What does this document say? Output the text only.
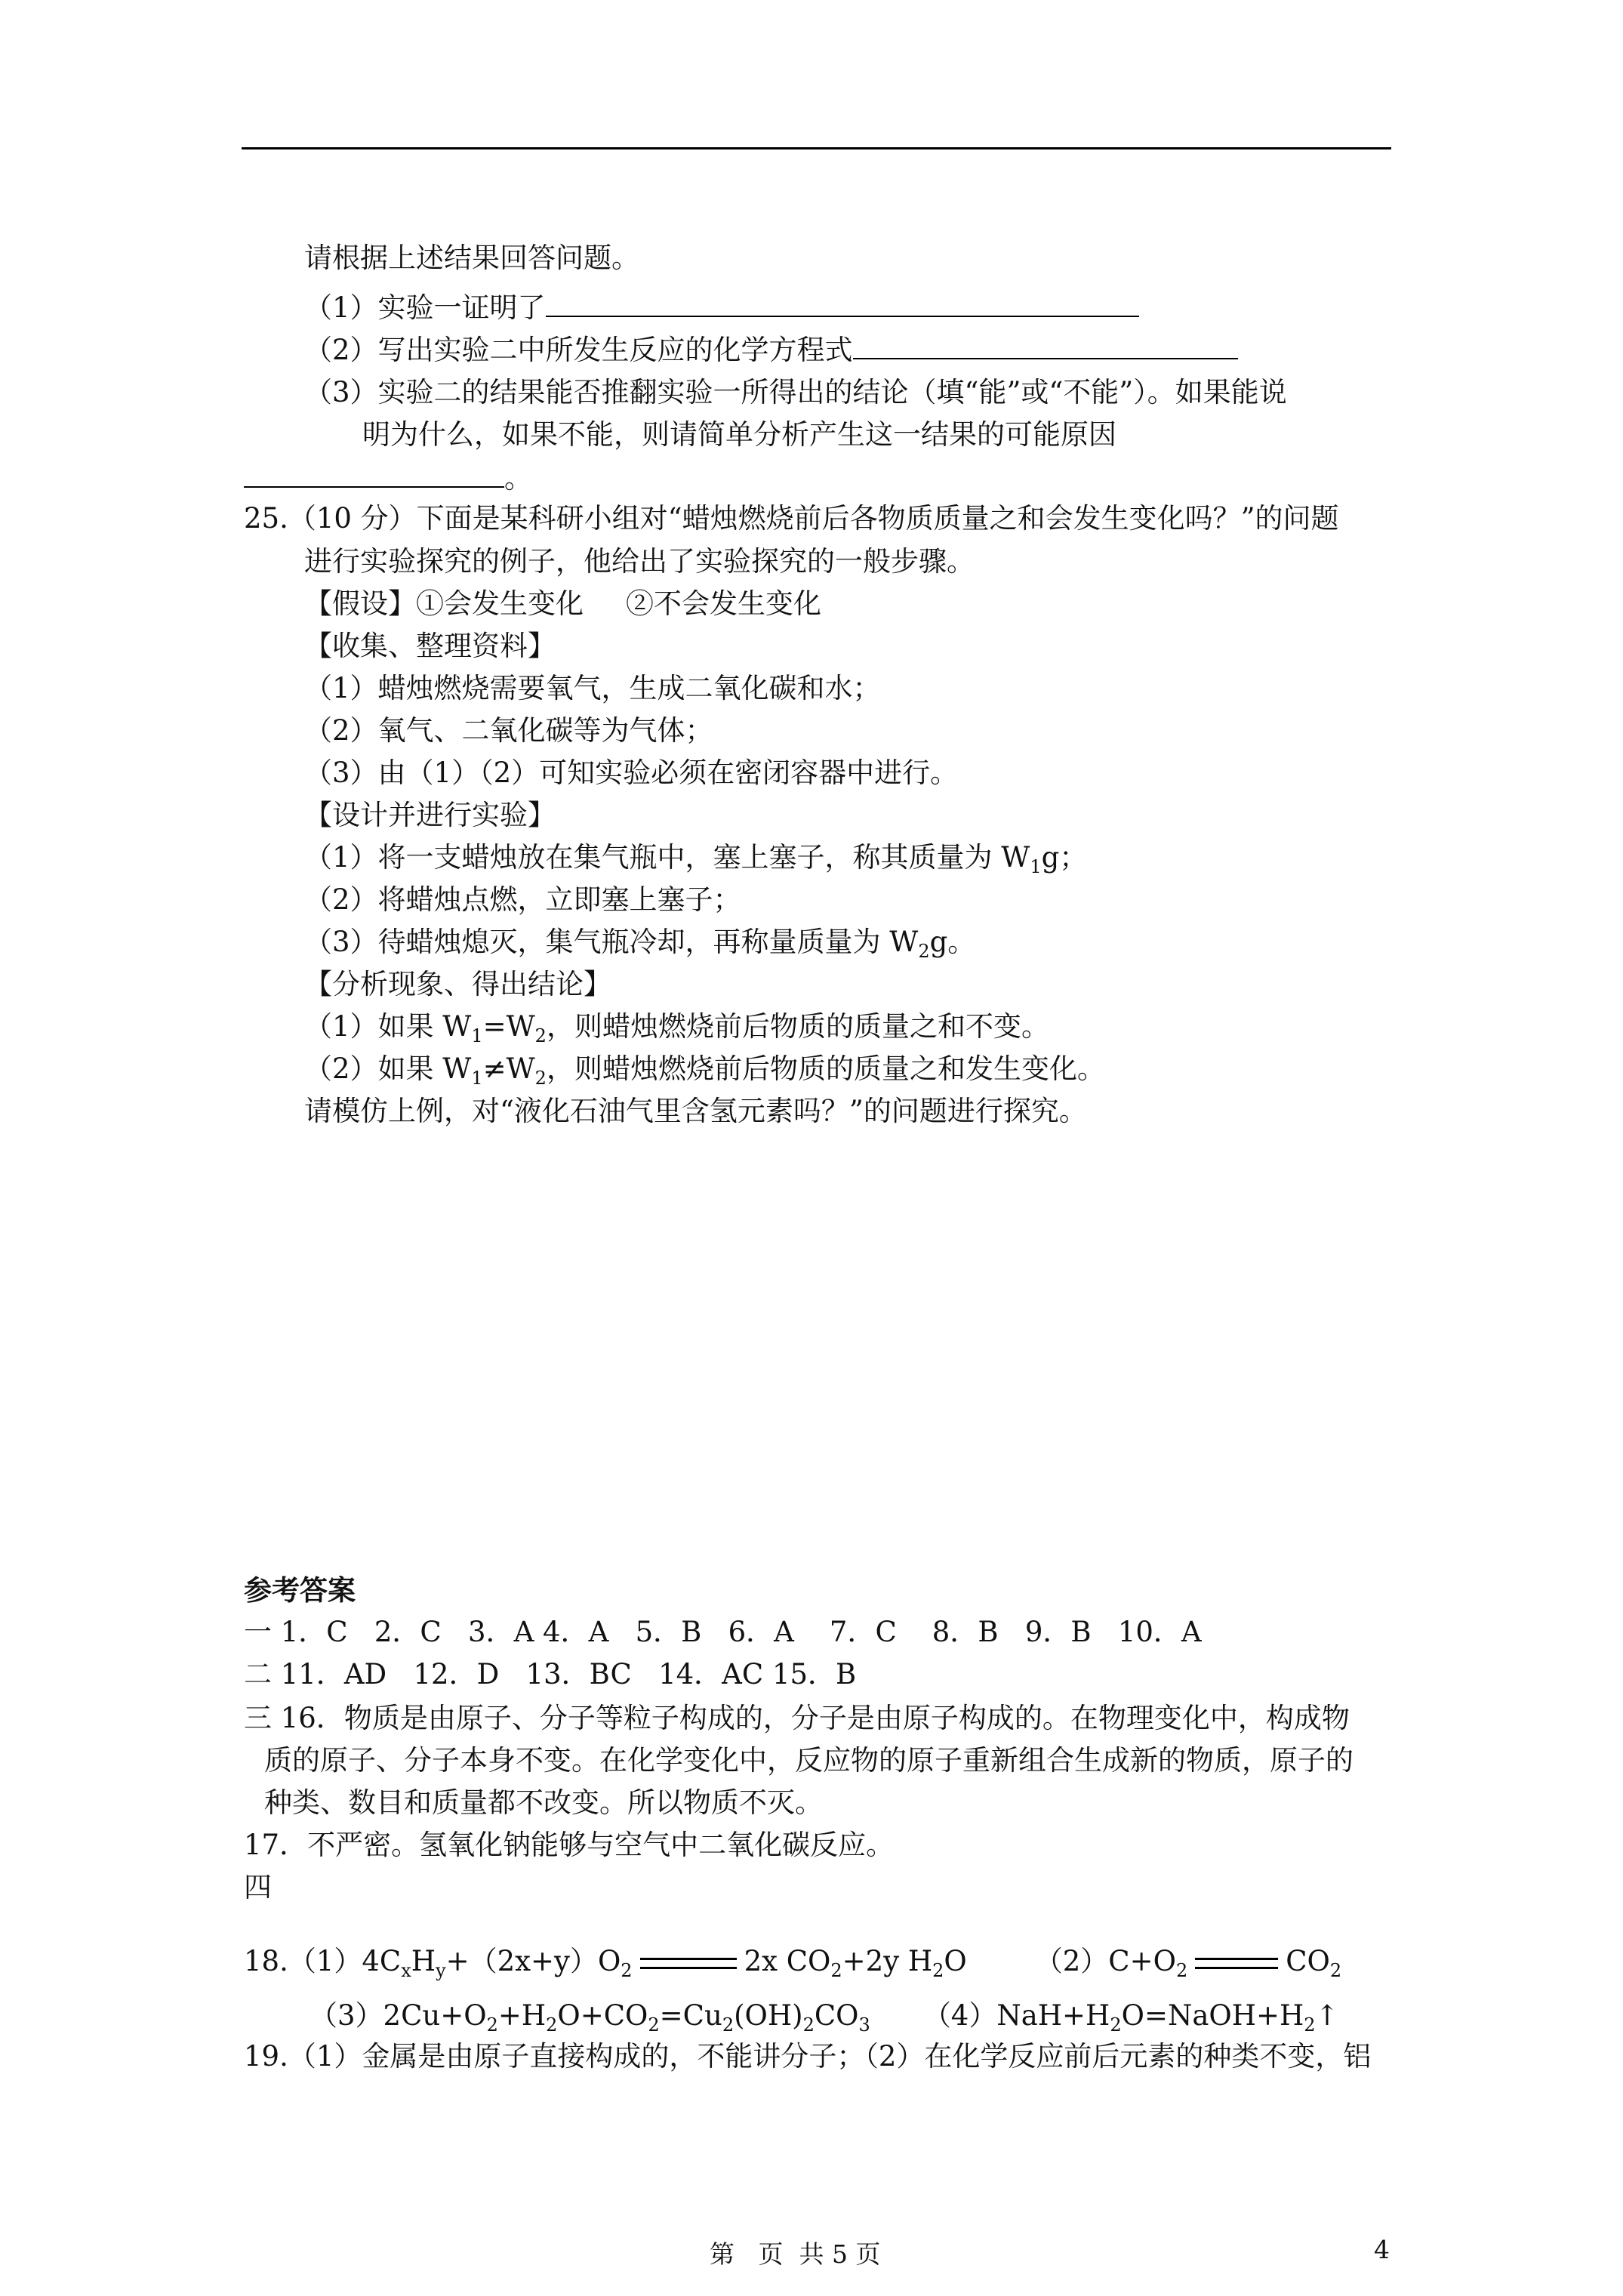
请根据上述结果回答问题。
（1）实验一证明了
（2）写出实验二中所发生反应的化学方程式
（3）实验二的结果能否推翻实验一所得出的结论（填“能”或“不能”）。如果能说
明为什么，如果不能，则请简单分析产生这一结果的可能原因
。
25.（10 分）下面是某科研小组对“蜡烛燃烧前后各物质质量之和会发生变化吗？”的问题
进行实验探究的例子，他给出了实验探究的一般步骤。
【假设】①会发生变化 ②不会发生变化
【收集、整理资料】
（1）蜡烛燃烧需要氧气，生成二氧化碳和水；
（2）氧气、二氧化碳等为气体；
（3）由（1）（2）可知实验必须在密闭容器中进行。
【设计并进行实验】
（1）将一支蜡烛放在集气瓶中，塞上塞子，称其质量为 $W_1g$；
（2）将蜡烛点燃，立即塞上塞子；
（3）待蜡烛熄灭，集气瓶冷却，再称量质量为 $W_2g$。
【分析现象、得出结论】
（1）如果 $W_1=W_2$，则蜡烛燃烧前后物质的质量之和不变。
（2）如果 $W_1\ne W_2$，则蜡烛燃烧前后物质的质量之和发生变化。
请模仿上例，对“液化石油气里含氢元素吗？”的问题进行探究。
参考答案
一 1．C   2．C   3．A 4．A   5．B   6．A    7．C    8．B   9．B   10．A
二 11．AD   12．D   13．BC   14．AC 15．B
三 16．物质是由原子、分子等粒子构成的，分子是由原子构成的。在物理变化中，构成物
质的原子、分子本身不变。在化学变化中，反应物的原子重新组合生成新的物质，原子的
种类、数目和质量都不改变。所以物质不灭。
17．不严密。氢氧化钠能够与空气中二氧化碳反应。
四
$18.(1)4C_xH_y+(2x+y)O_2$	2x $CO_2+2y$ $H_2O$ $(2)C+O_2$	$CO_2$
$(3)2Cu+O_2+H_2O+CO_2=Cu_2(OH)_2CO_3$ $(4)NaH+H_2O=NaOH+H_2↑$
19.（1）金属是由原子直接构成的，不能讲分子；（2）在化学反应前后元素的种类不变，铝
第   页  共 5 页	4
